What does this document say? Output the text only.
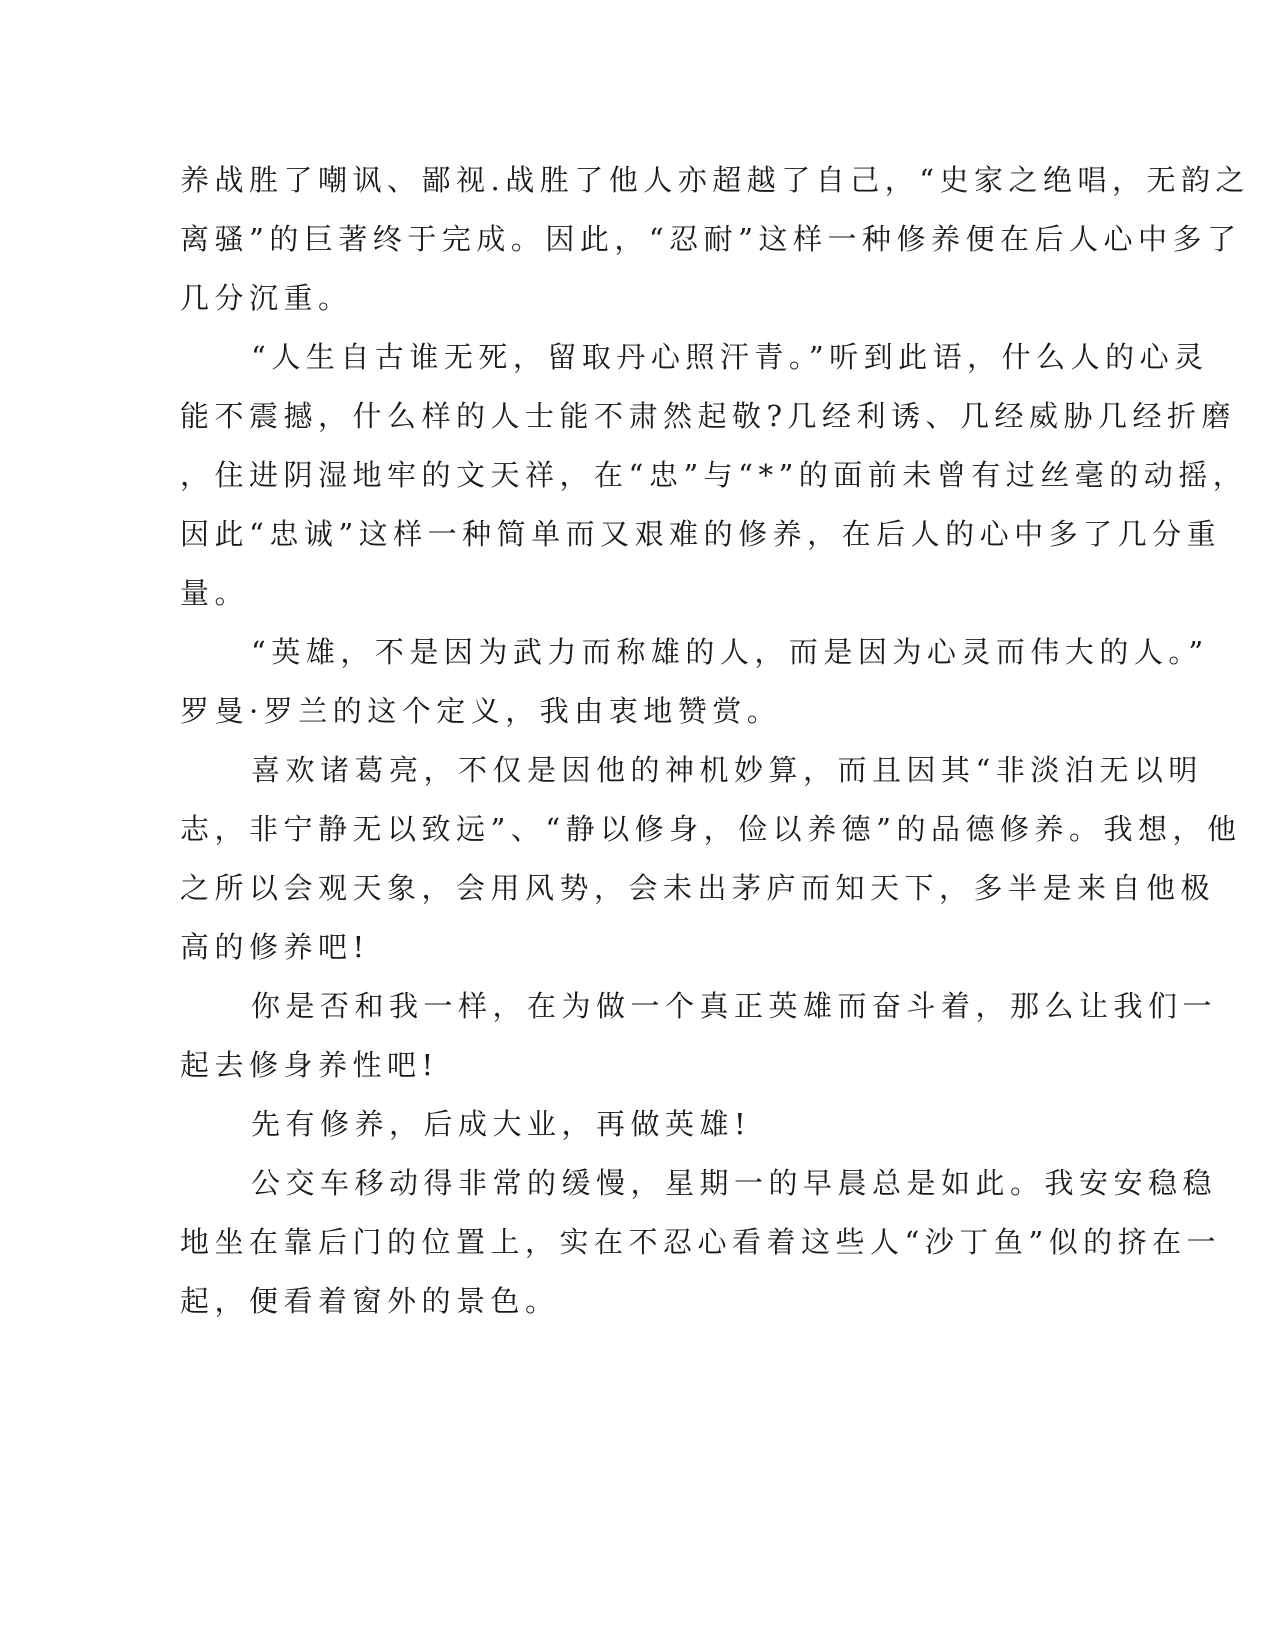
养战胜了嘲讽、鄙视.战胜了他人亦超越了自己，“史家之绝唱，无韵之

离骚”的巨著终于完成。因此，“忍耐”这样一种修养便在后人心中多了

几分沉重。

“人生自古谁无死，留取丹心照汗青。”听到此语，什么人的心灵

能不震撼，什么样的人士能不肃然起敬?几经利诱、几经威胁几经折磨

，住进阴湿地牢的文天祥，在“忠”与“*”的面前未曾有过丝毫的动摇，

因此“忠诚”这样一种简单而又艰难的修养，在后人的心中多了几分重

量。

“英雄，不是因为武力而称雄的人，而是因为心灵而伟大的人。”

罗曼·罗兰的这个定义，我由衷地赞赏。

喜欢诸葛亮，不仅是因他的神机妙算，而且因其“非淡泊无以明

志，非宁静无以致远”、“静以修身，俭以养德”的品德修养。我想，他

之所以会观天象，会用风势，会未出茅庐而知天下，多半是来自他极

高的修养吧!

你是否和我一样，在为做一个真正英雄而奋斗着，那么让我们一

起去修身养性吧!

先有修养，后成大业，再做英雄!

公交车移动得非常的缓慢，星期一的早晨总是如此。我安安稳稳

地坐在靠后门的位置上，实在不忍心看着这些人“沙丁鱼”似的挤在一

起，便看着窗外的景色。
